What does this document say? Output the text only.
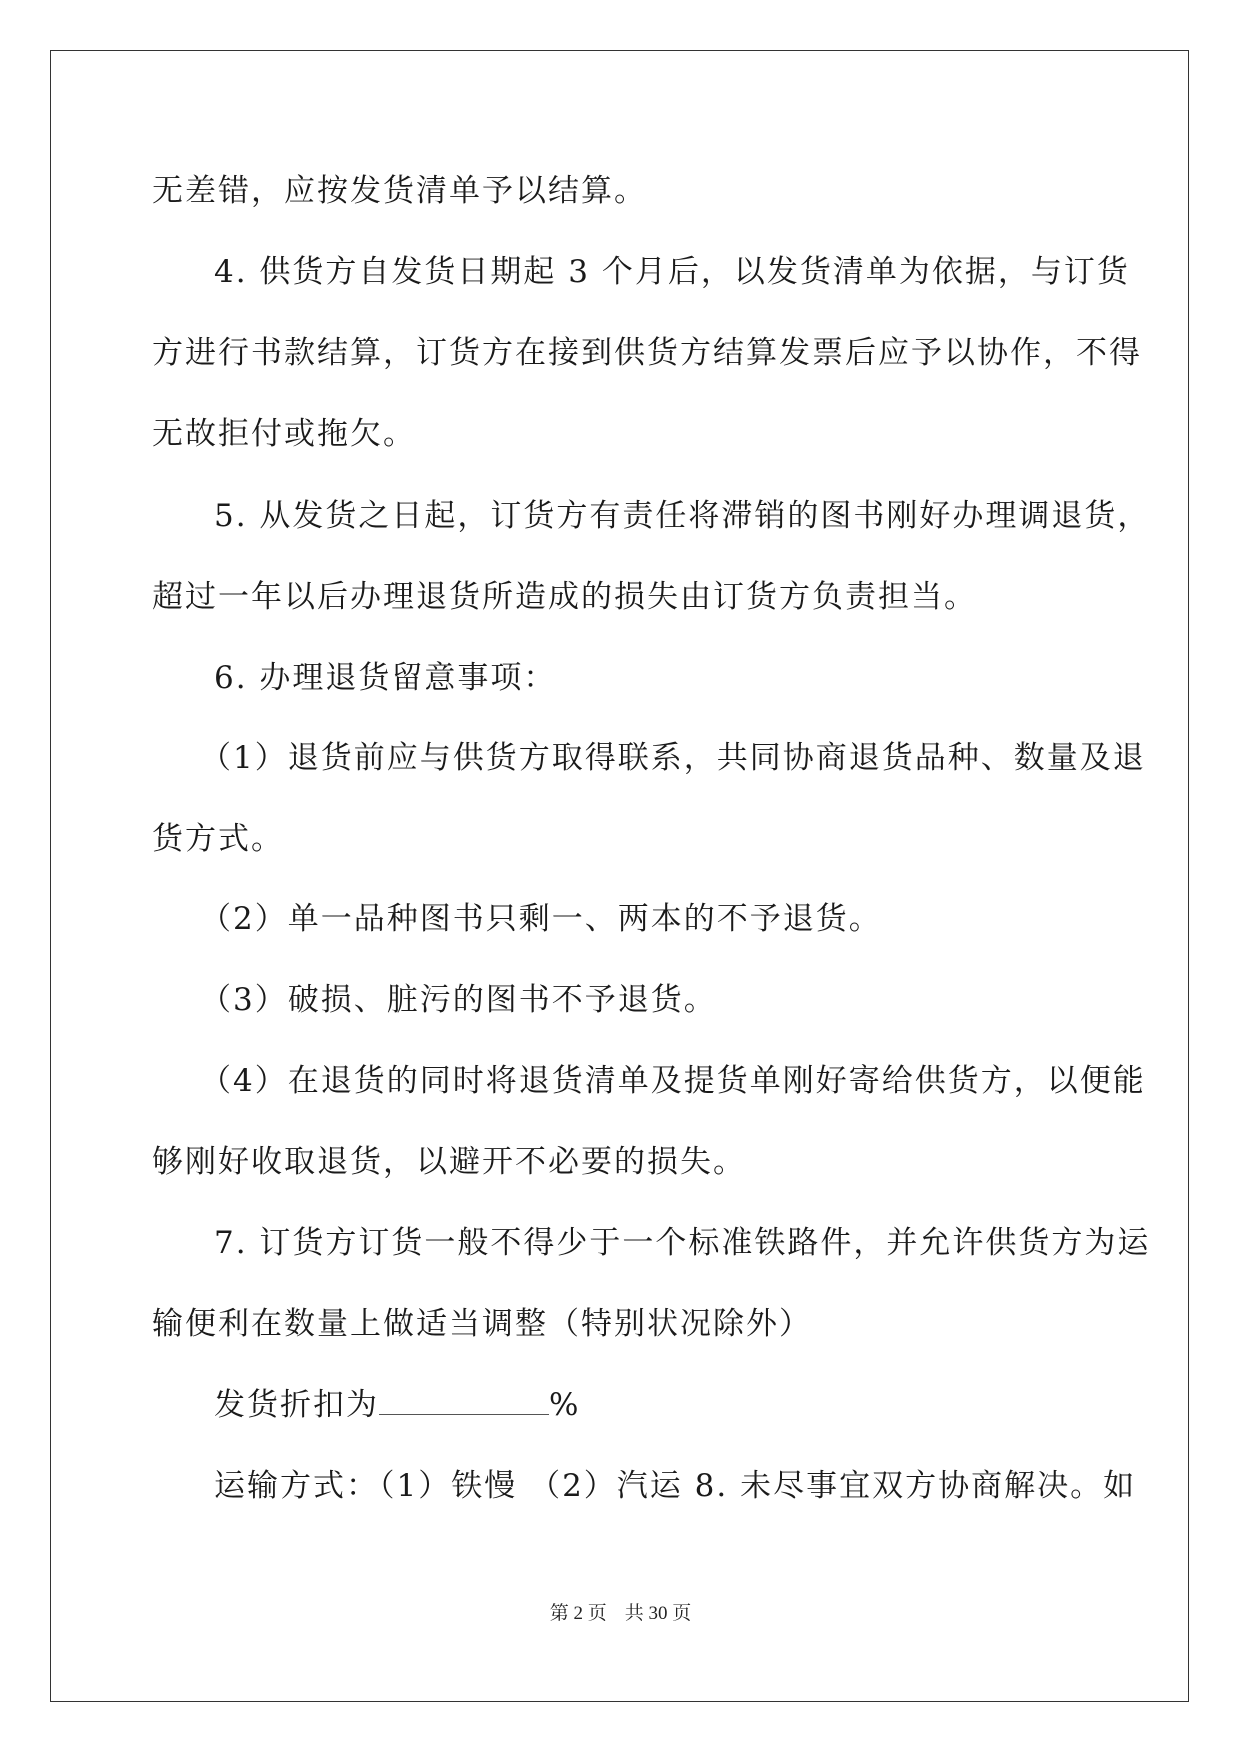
无差错，应按发货清单予以结算。
4. 供货方自发货日期起 3 个月后，以发货清单为依据，与订货
方进行书款结算，订货方在接到供货方结算发票后应予以协作，不得
无故拒付或拖欠。
5. 从发货之日起，订货方有责任将滞销的图书刚好办理调退货，
超过一年以后办理退货所造成的损失由订货方负责担当。
6. 办理退货留意事项：
（1）退货前应与供货方取得联系，共同协商退货品种、数量及退
货方式。
（2）单一品种图书只剩一、两本的不予退货。
（3）破损、脏污的图书不予退货。
（4）在退货的同时将退货清单及提货单刚好寄给供货方，以便能
够刚好收取退货，以避开不必要的损失。
7. 订货方订货一般不得少于一个标准铁路件，并允许供货方为运
输便利在数量上做适当调整（特别状况除外）
发货折扣为	%
运输方式：（1）铁慢 （2）汽运 8. 未尽事宜双方协商解决。如
第 2 页 共 30 页
